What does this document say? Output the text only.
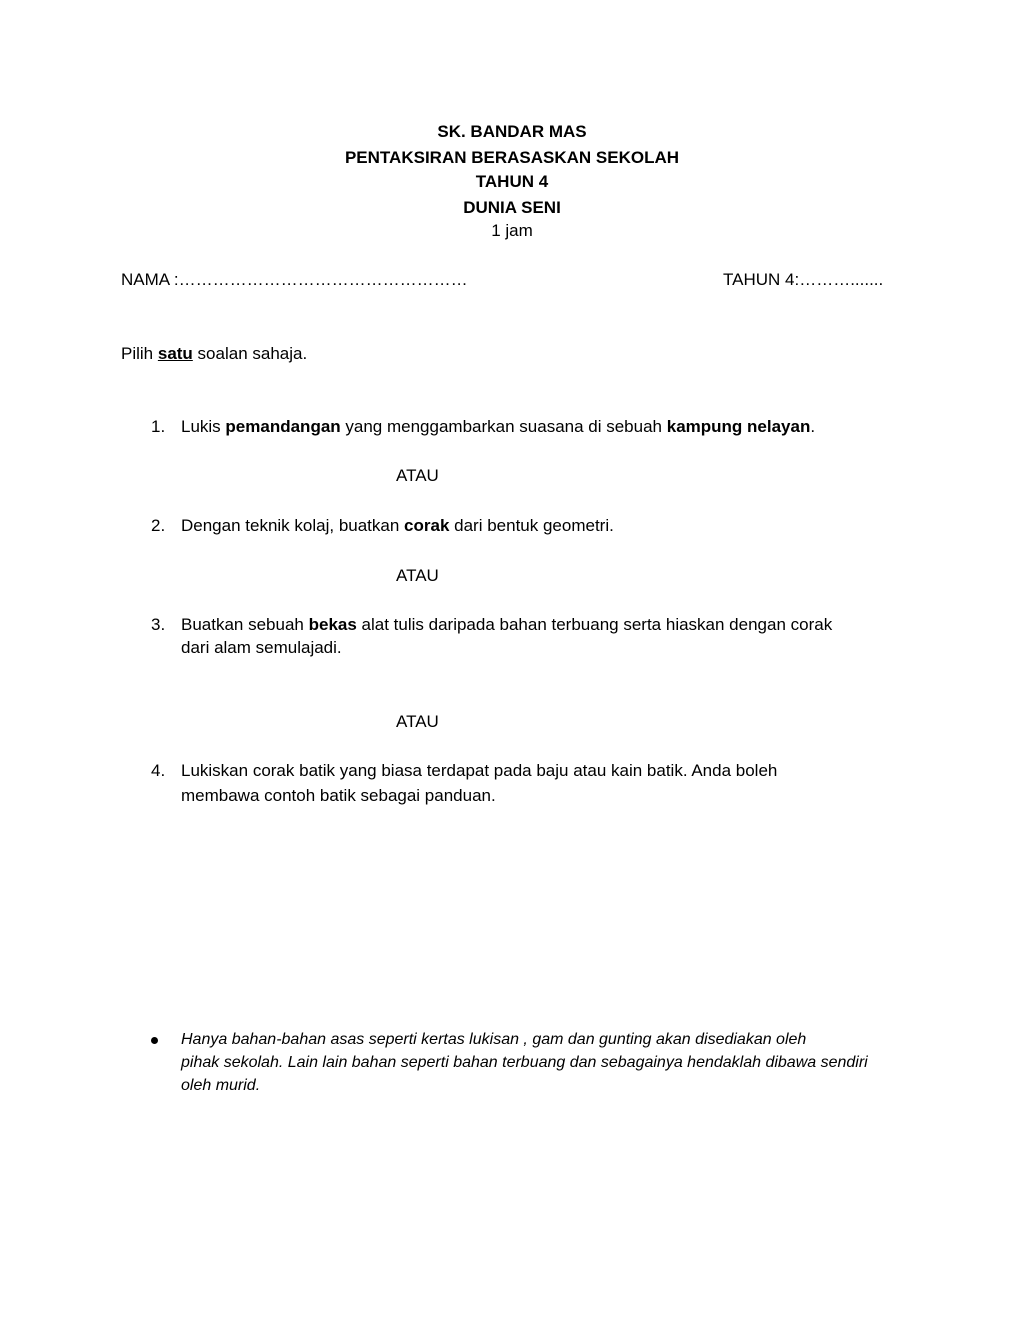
SK. BANDAR MAS
PENTAKSIRAN BERASASKAN SEKOLAH
TAHUN 4
DUNIA SENI
1 jam
NAMA :……………………………………………	TAHUN 4:……….......
Pilih satu soalan sahaja.
1. Lukis pemandangan yang menggambarkan suasana di sebuah kampung nelayan.
ATAU
2. Dengan teknik kolaj, buatkan corak dari bentuk geometri.
ATAU
3. Buatkan sebuah bekas alat tulis daripada bahan terbuang serta hiaskan dengan corak
dari alam semulajadi.
ATAU
4. Lukiskan corak batik yang biasa terdapat pada baju atau kain batik. Anda boleh
membawa contoh batik sebagai panduan.
Hanya bahan-bahan asas seperti kertas lukisan , gam dan gunting akan disediakan oleh
pihak sekolah. Lain lain bahan seperti bahan terbuang dan sebagainya hendaklah dibawa sendiri
oleh murid.
